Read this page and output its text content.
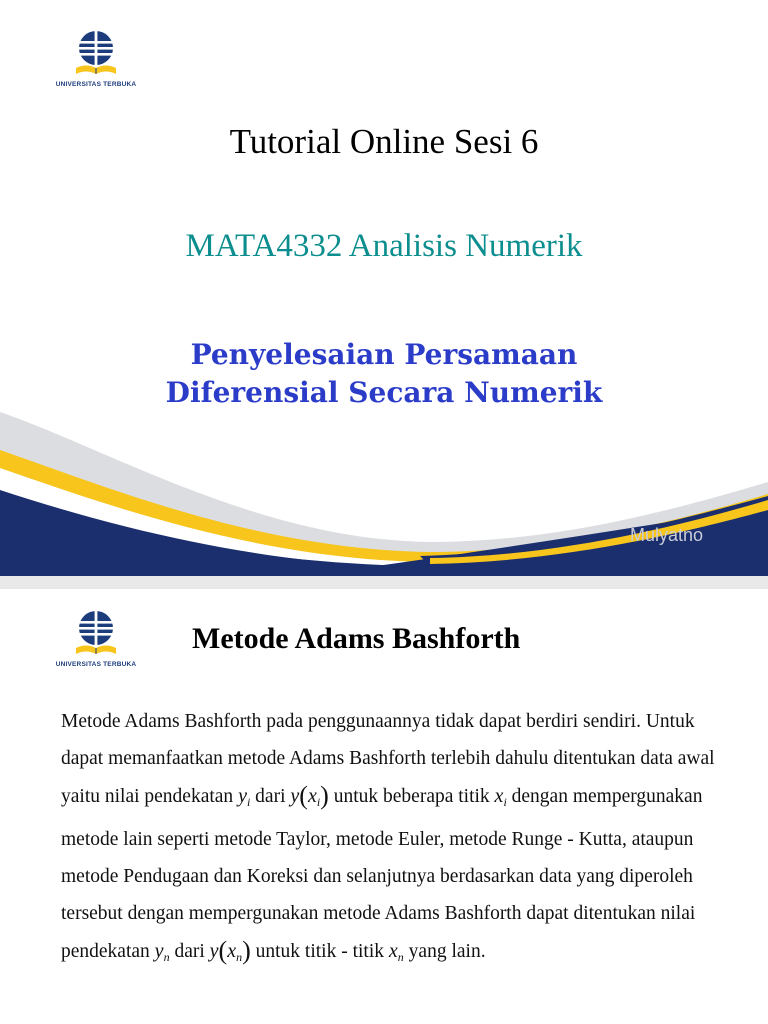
UNIVERSITAS TERBUKA
Tutorial Online Sesi 6
MATA4332 Analisis Numerik
Penyelesaian Persamaan
Diferensial Secara Numerik
Mulyatno
UNIVERSITAS TERBUKA
Metode Adams Bashforth

Metode Adams Bashforth pada penggunaannya tidak dapat berdiri sendiri. Untuk dapat memanfaatkan metode Adams Bashforth terlebih dahulu ditentukan data awal yaitu nilai pendekatan $y_i$ dari $y(x_i)$ untuk beberapa titik $x_i$ dengan mempergunakan metode lain seperti metode Taylor, metode Euler, metode Runge - Kutta, ataupun metode Pendugaan dan Koreksi dan selanjutnya berdasarkan data yang diperoleh tersebut dengan mempergunakan metode Adams Bashforth dapat ditentukan nilai pendekatan $y_n$ dari $y(x_n)$ untuk titik - titik $x_n$ yang lain.
